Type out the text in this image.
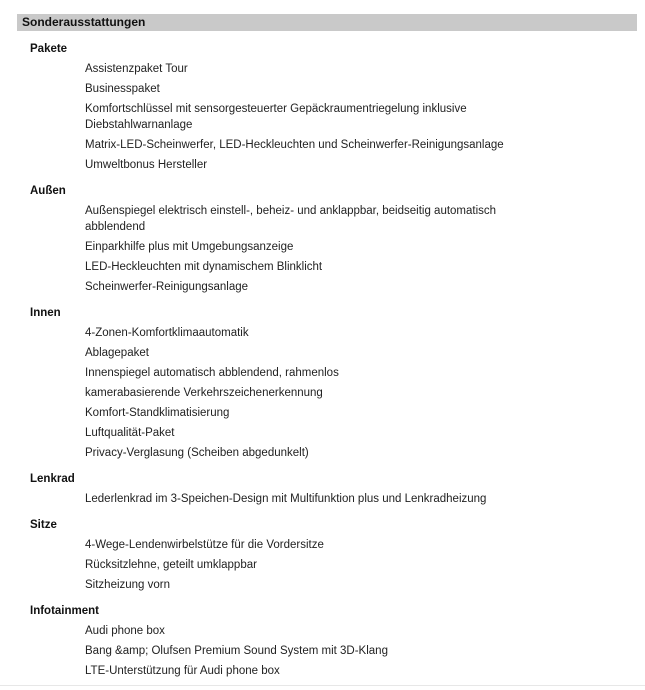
Sonderausstattungen
Pakete
Assistenzpaket Tour
Businesspaket
Komfortschlüssel mit sensorgesteuerter Gepäckraumentriegelung inklusive Diebstahlwarnanlage
Matrix-LED-Scheinwerfer, LED-Heckleuchten und Scheinwerfer-Reinigungsanlage
Umweltbonus Hersteller
Außen
Außenspiegel elektrisch einstell-, beheiz- und anklappbar, beidseitig automatisch abblendend
Einparkhilfe plus mit Umgebungsanzeige
LED-Heckleuchten mit dynamischem Blinklicht
Scheinwerfer-Reinigungsanlage
Innen
4-Zonen-Komfortklimaautomatik
Ablagepaket
Innenspiegel automatisch abblendend, rahmenlos
kamerabasierende Verkehrszeichenerkennung
Komfort-Standklimatisierung
Luftqualität-Paket
Privacy-Verglasung (Scheiben abgedunkelt)
Lenkrad
Lederlenkrad im 3-Speichen-Design mit Multifunktion plus und Lenkradheizung
Sitze
4-Wege-Lendenwirbelstütze für die Vordersitze
Rücksitzlehne, geteilt umklappbar
Sitzheizung vorn
Infotainment
Audi phone box
Bang &amp; Olufsen Premium Sound System mit 3D-Klang
LTE-Unterstützung für Audi phone box
